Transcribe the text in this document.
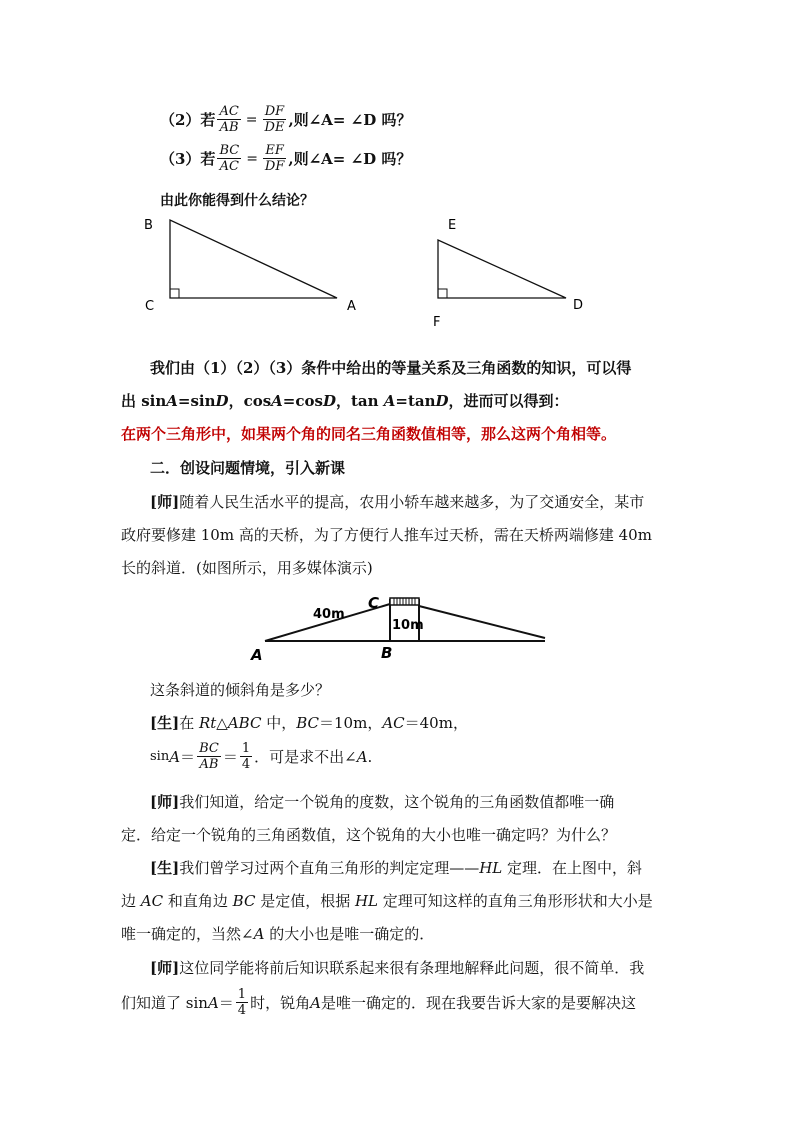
（2）若 $\frac{AC}{AB} = \frac{DF}{DE}$ ,则∠A= ∠D 吗？
（3）若 $\frac{BC}{AC} = \frac{EF}{DF}$ ,则∠A= ∠D 吗？
由此你能得到什么结论？
B
C	A
E
F
D
我们由（1）（2）（3）条件中给出的等量关系及三角函数的知识，可以得
出 sinA=sinD，cosA=cosD，tan A=tanD，进而可以得到：
在两个三角形中，如果两个角的同名三角函数值相等，那么这两个角相等。
二．创设问题情境，引入新课
[师]随着人民生活水平的提高，农用小轿车越来越多，为了交通安全，某市
政府要修建 10m 高的天桥，为了方便行人推车过天桥，需在天桥两端修建 40m
长的斜道．(如图所示，用多媒体演示)
40m
10m
A	B
C
这条斜道的倾斜角是多少？
[生]在 Rt△ABC 中，BC＝10m，AC＝40m，
$\sin A = \frac{BC}{AB} = \frac{1}{4}$ ．可是求不出∠ A .
[师]我们知道，给定一个锐角的度数，这个锐角的三角函数值都唯一确
定．给定一个锐角的三角函数值，这个锐角的大小也唯一确定吗？为什么？
[生]我们曾学习过两个直角三角形的判定定理——HL 定理．在上图中，斜
边 AC 和直角边 BC 是定值，根据 HL 定理可知这样的直角三角形形状和大小是
唯一确定的，当然∠A 的大小也是唯一确定的．
[师]这位同学能将前后知识联系起来很有条理地解释此问题，很不简单．我
们知道了 $\sin A = \frac{1}{4}$ 时，锐角 A 是唯一确定的．现在我要告诉大家的是要解决这
